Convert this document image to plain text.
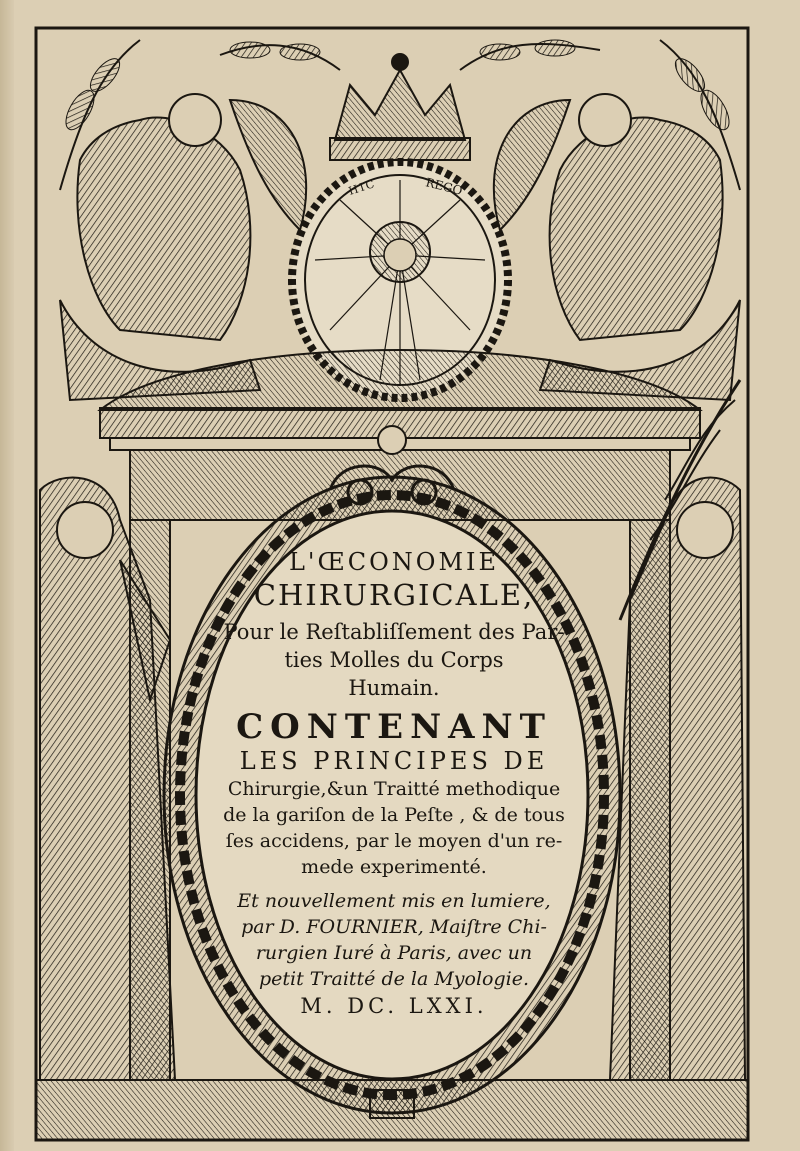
HIC	REGO
L'ŒCONOMIE
CHIRURGICALE,
Pour le Reſtabliſſement des Par-
ties Molles du Corps
Humain.
CONTENANT
LES PRINCIPES DE
Chirurgie,&un Traitté methodique
de la gariſon de la Peſte , & de tous
ſes accidens, par le moyen d'un re-
mede experimenté.
Et nouvellement mis en lumiere,
par D. FOURNIER, Maiſtre Chi-
rurgien Iuré à Paris, avec un
petit Traitté de la Myologie.
M. DC. LXXI.
